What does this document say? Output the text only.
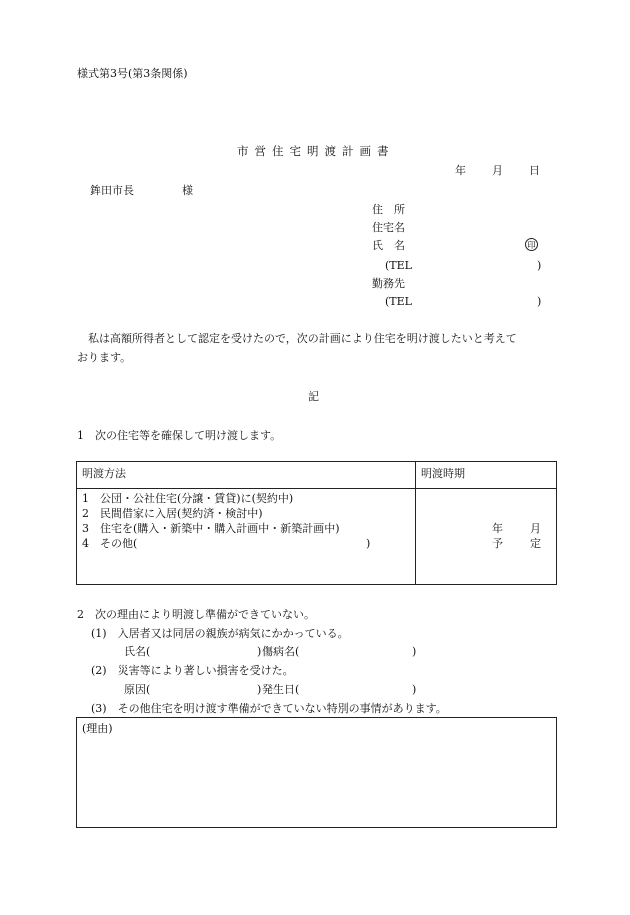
様式第3号(第3条関係)
市営住宅明渡計画書
年 月 日
鉾田市長	様
住　所
住宅名
氏　名	印
(TEL	)
勤務先
(TEL	)
私は高額所得者として認定を受けたので，次の計画により住宅を明け渡したいと考えて
おります。
記
1　次の住宅等を確保して明け渡します。
明渡方法	明渡時期
1　公団・公社住宅(分譲・賃貸)に(契約中)
2　民間借家に入居(契約済・検討中)
3　住宅を(購入・新築中・購入計画中・新築計画中)
4　その他(	)
年 月
予 定
2　次の理由により明渡し準備ができていない。
(1)　入居者又は同居の親族が病気にかかっている。
氏名(	) 傷病名(	)
(2)　災害等により著しい損害を受けた。
原因(	) 発生日(	)
(3)　その他住宅を明け渡す準備ができていない特別の事情があります。
(理由)
